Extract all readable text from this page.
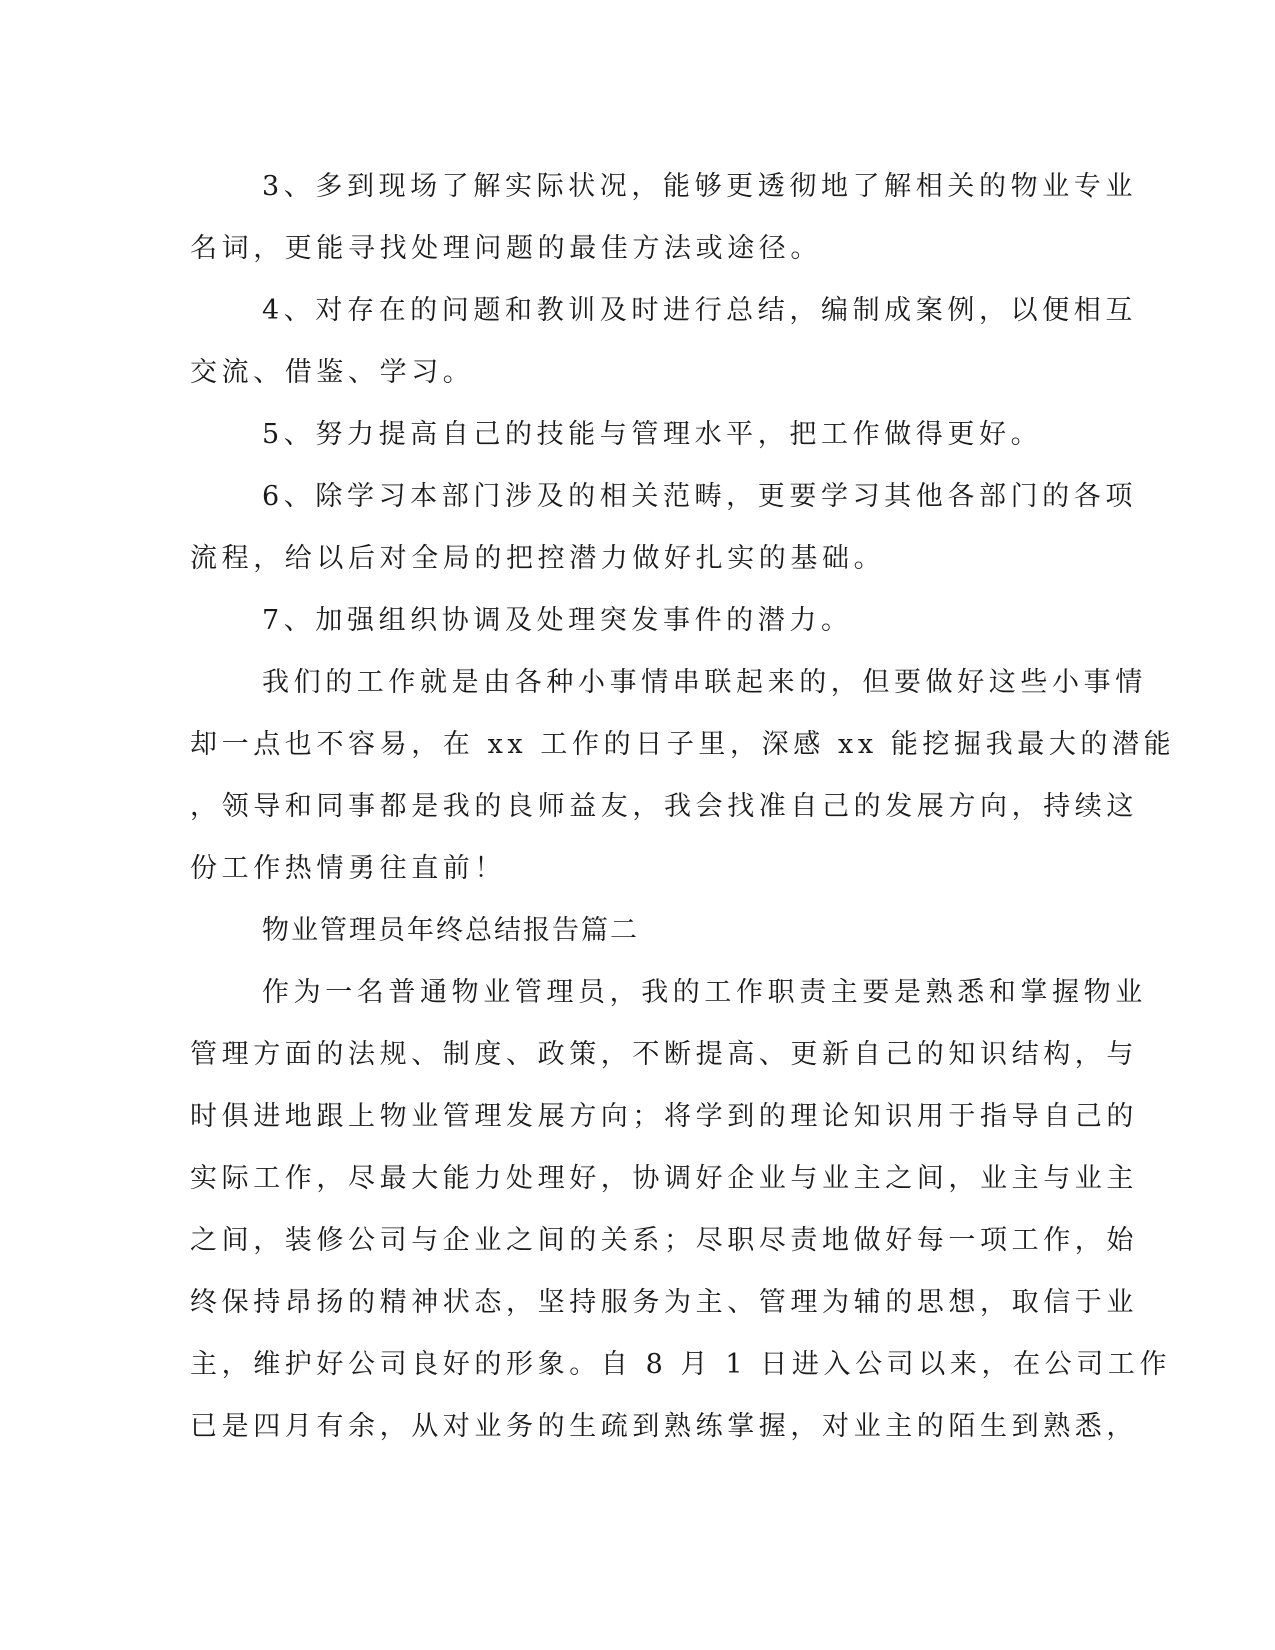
3、多到现场了解实际状况，能够更透彻地了解相关的物业专业
名词，更能寻找处理问题的最佳方法或途径。
4、对存在的问题和教训及时进行总结，编制成案例，以便相互
交流、借鉴、学习。
5、努力提高自己的技能与管理水平，把工作做得更好。
6、除学习本部门涉及的相关范畴，更要学习其他各部门的各项
流程，给以后对全局的把控潜力做好扎实的基础。
7、加强组织协调及处理突发事件的潜力。
我们的工作就是由各种小事情串联起来的，但要做好这些小事情
却一点也不容易，在 xx 工作的日子里，深感 xx 能挖掘我最大的潜能
，领导和同事都是我的良师益友，我会找准自己的发展方向，持续这
份工作热情勇往直前！
物业管理员年终总结报告篇二
作为一名普通物业管理员，我的工作职责主要是熟悉和掌握物业
管理方面的法规、制度、政策，不断提高、更新自己的知识结构，与
时俱进地跟上物业管理发展方向；将学到的理论知识用于指导自己的
实际工作，尽最大能力处理好，协调好企业与业主之间，业主与业主
之间，装修公司与企业之间的关系；尽职尽责地做好每一项工作，始
终保持昂扬的精神状态，坚持服务为主、管理为辅的思想，取信于业
主，维护好公司良好的形象。自 8 月 1 日进入公司以来，在公司工作
已是四月有余，从对业务的生疏到熟练掌握，对业主的陌生到熟悉，
